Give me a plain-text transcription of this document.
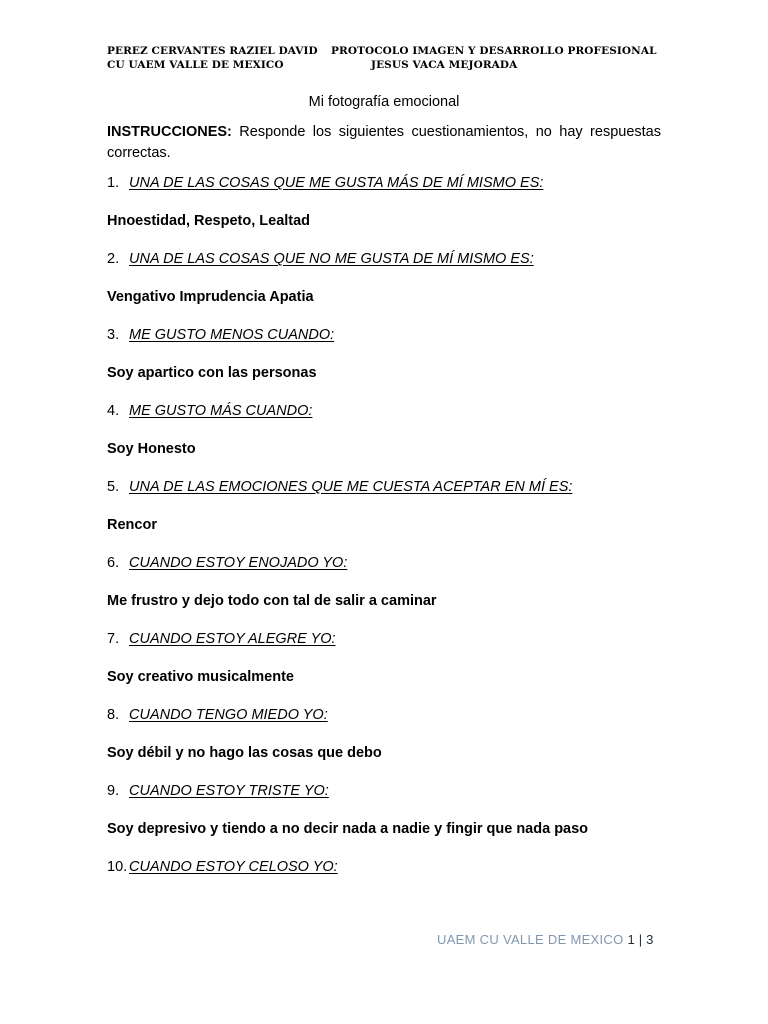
PEREZ CERVANTES RAZIEL DAVID PROTOCOLO IMAGEN Y DESARROLLO PROFESIONAL
CU UAEM VALLE DE MEXICO	JESUS VACA MEJORADA
Mi fotografía emocional
INSTRUCCIONES: Responde los siguientes cuestionamientos, no hay respuestas correctas.
1. UNA DE LAS COSAS QUE ME GUSTA MÁS DE MÍ MISMO ES:
Hnoestidad, Respeto, Lealtad
2. UNA DE LAS COSAS QUE NO ME GUSTA DE MÍ MISMO ES:
Vengativo Imprudencia Apatia
3. ME GUSTO MENOS CUANDO:
Soy apartico con las personas
4. ME GUSTO MÁS CUANDO:
Soy Honesto
5. UNA DE LAS EMOCIONES QUE ME CUESTA ACEPTAR EN MÍ ES:
Rencor
6. CUANDO ESTOY ENOJADO YO:
Me frustro y dejo todo con tal de salir a caminar
7. CUANDO ESTOY ALEGRE YO:
Soy creativo musicalmente
8. CUANDO TENGO MIEDO YO:
Soy débil y no hago las cosas que debo
9. CUANDO ESTOY TRISTE YO:
Soy depresivo y tiendo a no decir nada a nadie y fingir que nada paso
10. CUANDO ESTOY CELOSO YO:
UAEM CU VALLE DE MEXICO 1 | 3
